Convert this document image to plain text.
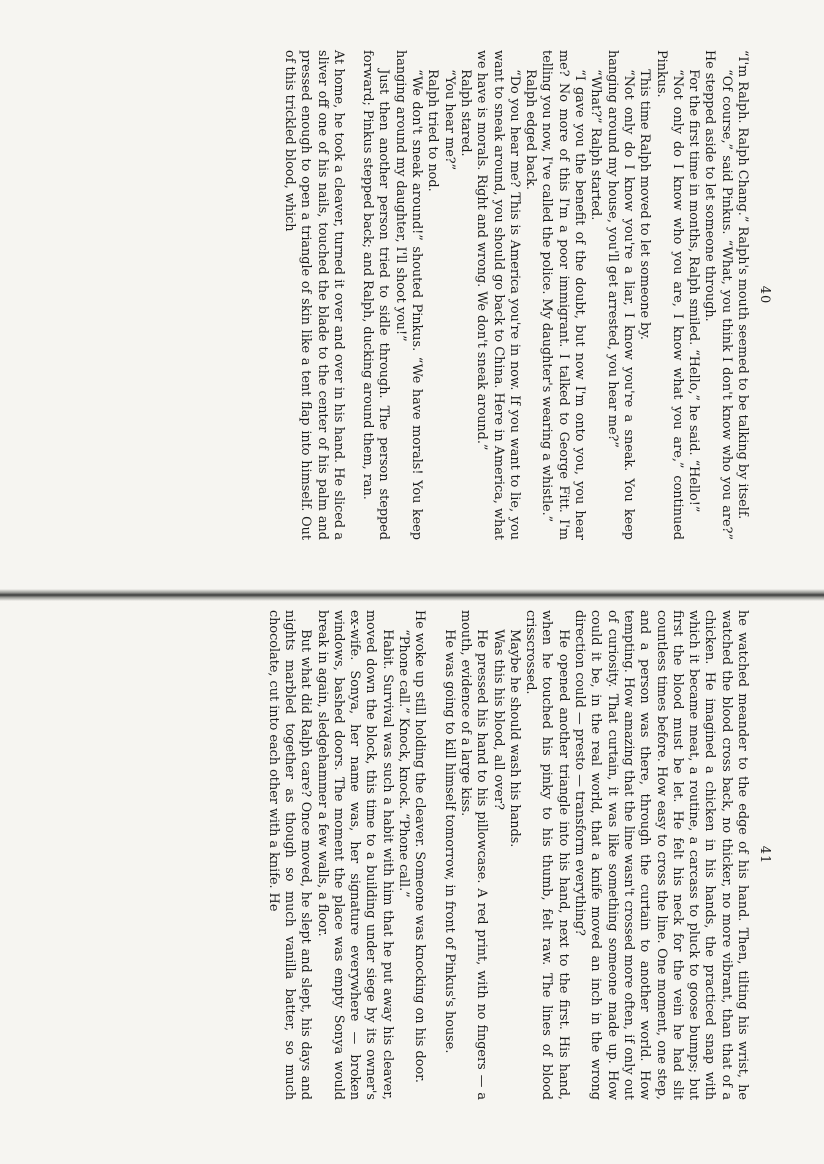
40

“I'm Ralph. Ralph Chang.” Ralph's mouth seemed to be talking by itself.

“Of course,” said Pinkus. “What, you think I don't know who you are?” He stepped aside to let someone through.

For the first time in months, Ralph smiled. “Hello,” he said. “Hello!”

“Not only do I know who you are, I know what you are,” continued Pinkus.

This time Ralph moved to let someone by.

“Not only do I know you're a liar, I know you're a sneak. You keep hanging around my house, you'll get arrested, you hear me?”

“What?” Ralph started.

“I gave you the benefit of the doubt, but now I'm onto you, you hear me? No more of this I'm a poor immigrant. I talked to George Fitt. I'm telling you now, I've called the police. My daughter's wearing a whistle.”

Ralph edged back.

“Do you hear me? This is America you're in now. If you want to lie, you want to sneak around, you should go back to China. Here in America, what we have is morals. Right and wrong. We don't sneak around.”

Ralph stared.

“You hear me?”

Ralph tried to nod.

“We don't sneak around!” shouted Pinkus. “We have morals! You keep hanging around my daughter, I'll shoot you!”

Just then another person tried to sidle through. The person stepped forward; Pinkus stepped back; and Ralph, ducking around them, ran.

At home, he took a cleaver, turned it over and over in his hand. He sliced a sliver off one of his nails, touched the blade to the center of his palm and pressed enough to open a triangle of skin like a tent flap into himself. Out of this trickled blood, which

41

he watched meander to the edge of his hand. Then, tilting his wrist, he watched the blood cross back, no thicker, no more vibrant, than that of a chicken. He imagined a chicken in his hands, the practiced snap with which it became meat, a routine, a carcass to pluck to goose bumps; but first the blood must be let. He felt his neck for the vein he had slit countless times before. How easy to cross the line. One moment, one step, and a person was there, through the curtain to another world. How tempting. How amazing that the line wasn't crossed more often, if only out of curiosity. That curtain, it was like something someone made up. How could it be, in the real world, that a knife moved an inch in the wrong direction could — presto — transform everything?

He opened another triangle into his hand, next to the first. His hand, when he touched his pinky to his thumb, felt raw. The lines of blood crisscrossed.

Maybe he should wash his hands.

Was this his blood, all over?

He pressed his hand to his pillowcase. A red print, with no fingers — a mouth, evidence of a large kiss.

He was going to kill himself tomorrow, in front of Pinkus's house.

He woke up still holding the cleaver. Someone was knocking on his door.

“Phone call.” Knock, knock. “Phone call.”

Habit. Survival was such a habit with him that he put away his cleaver, moved down the block, this time to a building under siege by its owner's ex-wife. Sonya, her name was, her signature everywhere — broken windows, bashed doors. The moment the place was empty Sonya would break in again, sledgehammer a few walls, a floor.

But what did Ralph care? Once moved, he slept and slept, his days and nights marbled together as though so much vanilla batter, so much chocolate, cut into each other with a knife. He
